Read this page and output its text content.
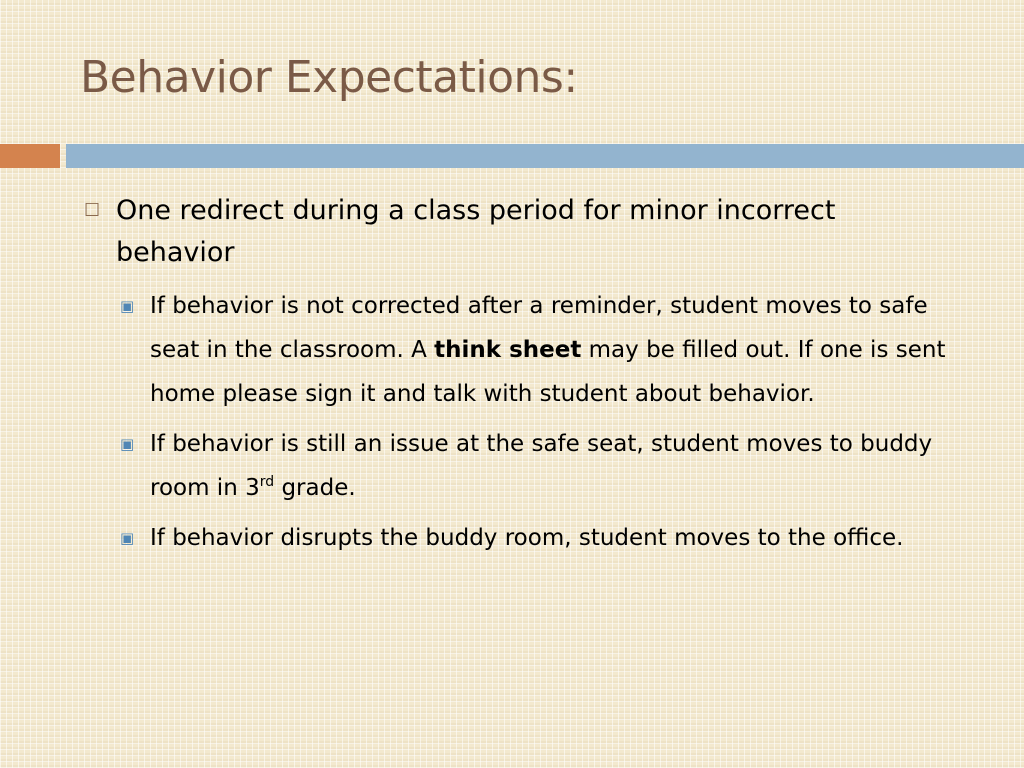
Behavior Expectations:
☐ One redirect during a class period for minor incorrect behavior
▣ If behavior is not corrected after a reminder, student moves to safe seat in the classroom. A think sheet may be filled out. If one is sent home please sign it and talk with student about behavior.
▣ If behavior is still an issue at the safe seat, student moves to buddy room in 3rd grade.
▣ If behavior disrupts the buddy room, student moves to the office.
